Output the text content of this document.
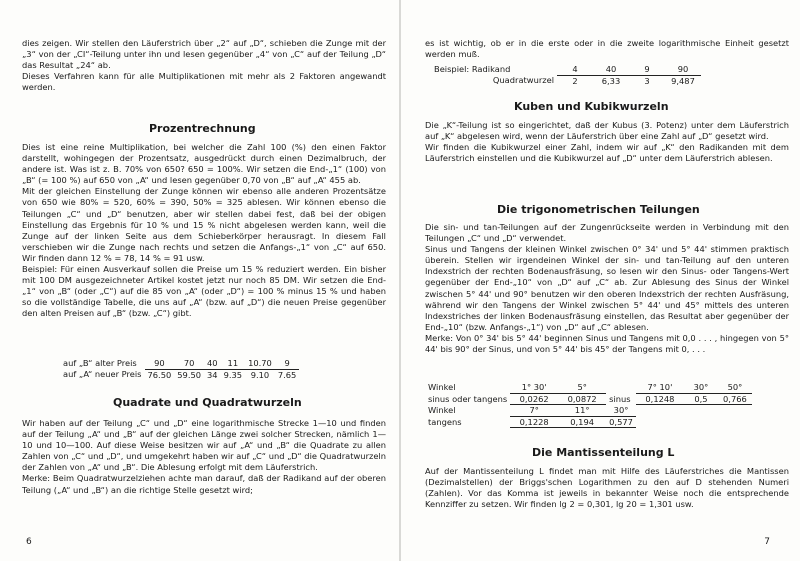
dies zeigen. Wir stellen den Läuferstrich über „2“ auf „D“, schieben die Zunge mit der „3“ von der „CI“-Teilung unter ihn und lesen gegenüber „4“ von „C“ auf der Teilung „D“ das Resultat „24“ ab.

Dieses Verfahren kann für alle Multiplikationen mit mehr als 2 Faktoren angewandt werden.

Prozentrechnung

Dies ist eine reine Multiplikation, bei welcher die Zahl 100 (%) den einen Faktor darstellt, wohingegen der Prozentsatz, ausgedrückt durch einen Dezimalbruch, der andere ist. Was ist z. B. 70% von 650? 650 = 100%. Wir setzen die End-„1“ (100) von „B“ (= 100 %) auf 650 von „A“ und lesen gegenüber 0,70 von „B“ auf „A“ 455 ab.

Mit der gleichen Einstellung der Zunge können wir ebenso alle anderen Prozentsätze von 650 wie 80% = 520, 60% = 390, 50% = 325 ablesen. Wir können ebenso die Teilungen „C“ und „D“ benutzen, aber wir stellen dabei fest, daß bei der obigen Einstellung das Ergebnis für 10 % und 15 % nicht abgelesen werden kann, weil die Zunge auf der linken Seite aus dem Schieberkörper herausragt. In diesem Fall verschieben wir die Zunge nach rechts und setzen die Anfangs-„1“ von „C“ auf 650. Wir finden dann 12 % = 78, 14 % = 91 usw.

Beispiel: Für einen Ausverkauf sollen die Preise um 15 % reduziert werden. Ein bisher mit 100 DM ausgezeichneter Artikel kostet jetzt nur noch 85 DM. Wir setzen die End-„1“ von „B“ (oder „C“) auf die 85 von „A“ (oder „D“) = 100 % minus 15 % und haben so die vollständige Tabelle, die uns auf „A“ (bzw. auf „D“) die neuen Preise gegenüber den alten Preisen auf „B“ (bzw. „C“) gibt.

auf „B“ alter Preis	90	70	40	11	10.70	9
auf „A“ neuer Preis	76.50	59.50	34	9.35	9.10	7.65
Quadrate und Quadratwurzeln

Wir haben auf der Teilung „C“ und „D“ eine logarithmische Strecke 1—10 und finden auf der Teilung „A“ und „B“ auf der gleichen Länge zwei solcher Strecken, nämlich 1—10 und 10—100. Auf diese Weise besitzen wir auf „A“ und „B“ die Quadrate zu allen Zahlen von „C“ und „D“, und umgekehrt haben wir auf „C“ und „D“ die Quadratwurzeln der Zahlen von „A“ und „B“. Die Ablesung erfolgt mit dem Läuferstrich.

Merke: Beim Quadratwurzelziehen achte man darauf, daß der Radikand auf der oberen Teilung („A“ und „B“) an die richtige Stelle gesetzt wird;

6

es ist wichtig, ob er in die erste oder in die zweite logarithmische Einheit gesetzt werden muß.

Beispiel: Radikand	4	40	9	90
Quadratwurzel	2	6,33	3	9,487
Kuben und Kubikwurzeln

Die „K“-Teilung ist so eingerichtet, daß der Kubus (3. Potenz) unter dem Läuferstrich auf „K“ abgelesen wird, wenn der Läuferstrich über eine Zahl auf „D“ gesetzt wird.

Wir finden die Kubikwurzel einer Zahl, indem wir auf „K“ den Radikanden mit dem Läuferstrich einstellen und die Kubikwurzel auf „D“ unter dem Läuferstrich ablesen.

Die trigonometrischen Teilungen

Die sin- und tan-Teilungen auf der Zungenrückseite werden in Verbindung mit den Teilungen „C“ und „D“ verwendet.

Sinus und Tangens der kleinen Winkel zwischen 0° 34' und 5° 44' stimmen praktisch überein. Stellen wir irgendeinen Winkel der sin- und tan-Teilung auf den unteren Indexstrich der rechten Bodenausfräsung, so lesen wir den Sinus- oder Tangens-Wert gegenüber der End-„10“ von „D“ auf „C“ ab. Zur Ablesung des Sinus der Winkel zwischen 5° 44' und 90° benutzen wir den oberen Indexstrich der rechten Ausfräsung, während wir den Tangens der Winkel zwischen 5° 44' und 45° mittels des unteren Indexstriches der linken Bodenausfräsung einstellen, das Resultat aber gegenüber der End-„10“ (bzw. Anfangs-„1“) von „D“ auf „C“ ablesen.

Merke: Von 0° 34' bis 5° 44' beginnen Sinus und Tangens mit 0,0 . . . , hingegen von 5° 44' bis 90° der Sinus, und von 5° 44' bis 45° der Tangens mit 0, . . .

Winkel	1° 30'	5°		7° 10'	30°	50°
sinus oder tangens	0,0262	0,0872	sinus	0,1248	0,5	0,766
Winkel	7°	11°	30°			
tangens	0,1228	0,194	0,577			
Die Mantissenteilung L

Auf der Mantissenteilung L findet man mit Hilfe des Läuferstriches die Mantissen (Dezimalstellen) der Briggs'schen Logarithmen zu den auf D stehenden Numeri (Zahlen). Vor das Komma ist jeweils in bekannter Weise noch die entsprechende Kennziffer zu setzen. Wir finden lg 2 = 0,301, lg 20 = 1,301 usw.

7
